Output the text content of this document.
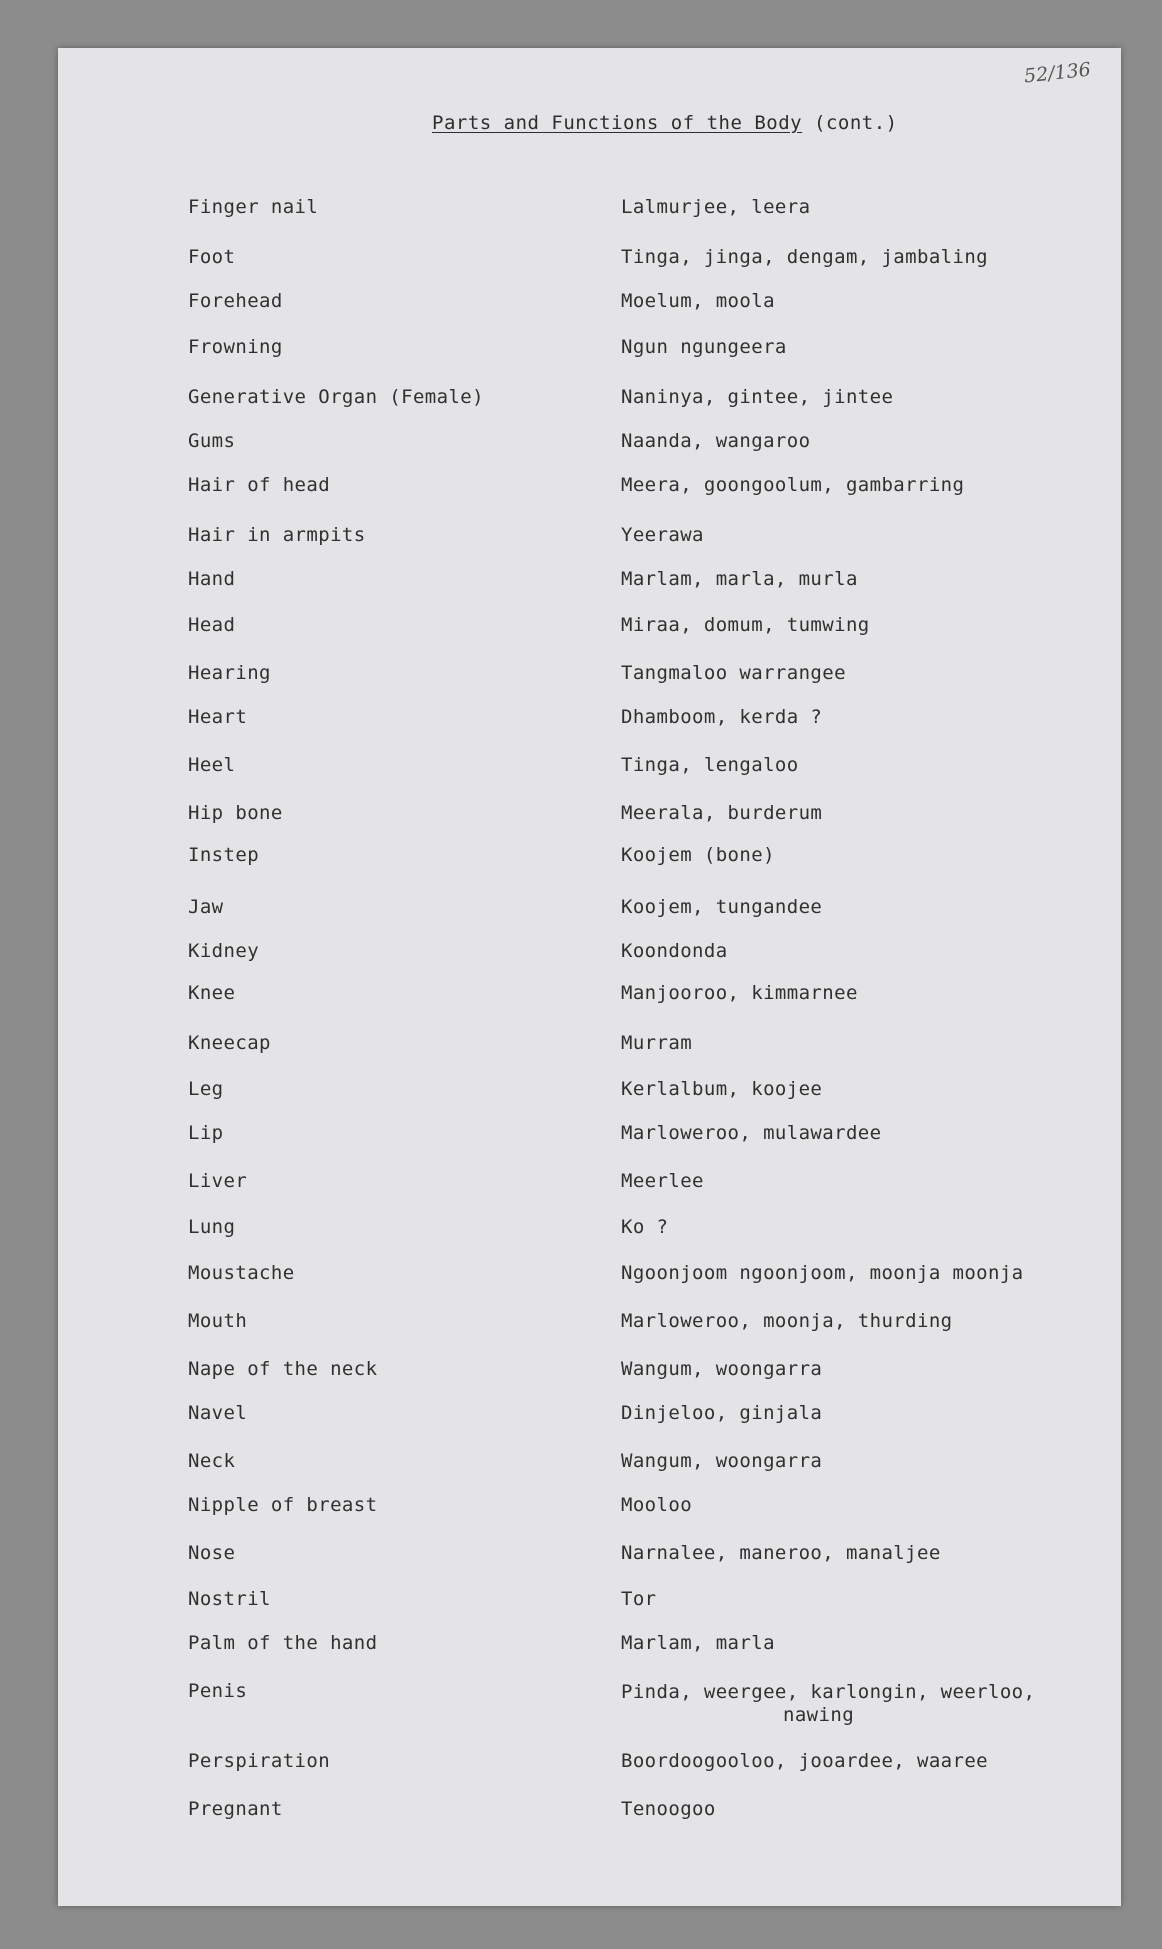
52/136
Parts and Functions of the Body (cont.)
Finger nail	Lalmurjee, leera
Foot	Tinga, jinga, dengam, jambaling
Forehead	Moelum, moola
Frowning	Ngun ngungeera
Generative Organ (Female)	Naninya, gintee, jintee
Gums	Naanda, wangaroo
Hair of head	Meera, goongoolum, gambarring
Hair in armpits	Yeerawa
Hand	Marlam, marla, murla
Head	Miraa, domum, tumwing
Hearing	Tangmaloo warrangee
Heart	Dhamboom, kerda ?
Heel	Tinga, lengaloo
Hip bone	Meerala, burderum
Instep	Koojem (bone)
Jaw	Koojem, tungandee
Kidney	Koondonda
Knee	Manjooroo, kimmarnee
Kneecap	Murram
Leg	Kerlalbum, koojee
Lip	Marloweroo, mulawardee
Liver	Meerlee
Lung	Ko ?
Moustache	Ngoonjoom ngoonjoom, moonja moonja
Mouth	Marloweroo, moonja, thurding
Nape of the neck	Wangum, woongarra
Navel	Dinjeloo, ginjala
Neck	Wangum, woongarra
Nipple of breast	Mooloo
Nose	Narnalee, maneroo, manaljee
Nostril	Tor
Palm of the hand	Marlam, marla
Penis	Pinda, weergee, karlongin, weerloo,
nawing
Perspiration	Boordoogooloo, jooardee, waaree
Pregnant	Tenoogoo
